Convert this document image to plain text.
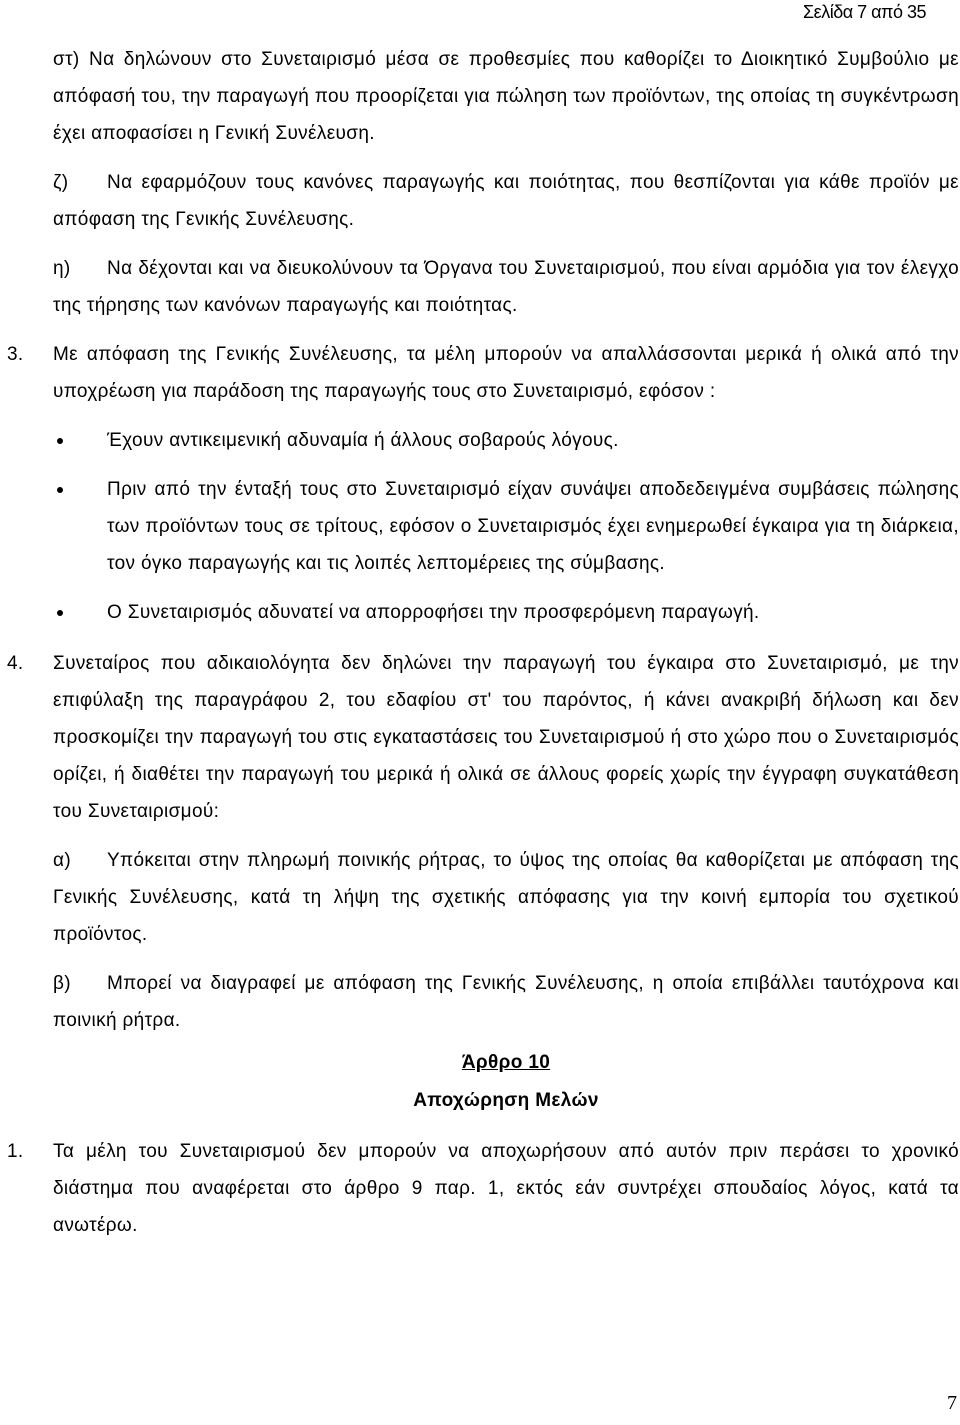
Σελίδα 7 από 35

στ) Να δηλώνουν στο Συνεταιρισμό μέσα σε προθεσμίες που καθορίζει το Διοικητικό Συμβούλιο με απόφασή του, την παραγωγή που προορίζεται για πώληση των προϊόντων, της οποίας τη συγκέντρωση έχει αποφασίσει η Γενική Συνέλευση.

ζ) Να εφαρμόζουν τους κανόνες παραγωγής και ποιότητας, που θεσπίζονται για κάθε προϊόν με απόφαση της Γενικής Συνέλευσης.

η) Να δέχονται και να διευκολύνουν τα Όργανα του Συνεταιρισμού, που είναι αρμόδια για τον έλεγχο της τήρησης των κανόνων παραγωγής και ποιότητας.

3. Με απόφαση της Γενικής Συνέλευσης, τα μέλη μπορούν να απαλλάσσονται μερικά ή ολικά από την υποχρέωση για παράδοση της παραγωγής τους στο Συνεταιρισμό, εφόσον :

Έχουν αντικειμενική αδυναμία ή άλλους σοβαρούς λόγους.
Πριν από την ένταξή τους στο Συνεταιρισμό είχαν συνάψει αποδεδειγμένα συμβάσεις πώλησης των προϊόντων τους σε τρίτους, εφόσον ο Συνεταιρισμός έχει ενημερωθεί έγκαιρα για τη διάρκεια, τον όγκο παραγωγής και τις λοιπές λεπτομέρειες της σύμβασης.
Ο Συνεταιρισμός αδυνατεί να απορροφήσει την προσφερόμενη παραγωγή.
4. Συνεταίρος που αδικαιολόγητα δεν δηλώνει την παραγωγή του έγκαιρα στο Συνεταιρισμό, με την επιφύλαξη της παραγράφου 2, του εδαφίου στ' του παρόντος, ή κάνει ανακριβή δήλωση και δεν προσκομίζει την παραγωγή του στις εγκαταστάσεις του Συνεταιρισμού ή στο χώρο που ο Συνεταιρισμός ορίζει, ή διαθέτει την παραγωγή του μερικά ή ολικά σε άλλους φορείς χωρίς την έγγραφη συγκατάθεση του Συνεταιρισμού:

α) Υπόκειται στην πληρωμή ποινικής ρήτρας, το ύψος της οποίας θα καθορίζεται με απόφαση της Γενικής Συνέλευσης, κατά τη λήψη της σχετικής απόφασης για την κοινή εμπορία του σχετικού προϊόντος.

β) Μπορεί να διαγραφεί με απόφαση της Γενικής Συνέλευσης, η οποία επιβάλλει ταυτόχρονα και ποινική ρήτρα.

Άρθρο 10

Αποχώρηση Μελών

1. Τα μέλη του Συνεταιρισμού δεν μπορούν να αποχωρήσουν από αυτόν πριν περάσει το χρονικό διάστημα που αναφέρεται στο άρθρο 9 παρ. 1, εκτός εάν συντρέχει σπουδαίος λόγος, κατά τα ανωτέρω.

7
